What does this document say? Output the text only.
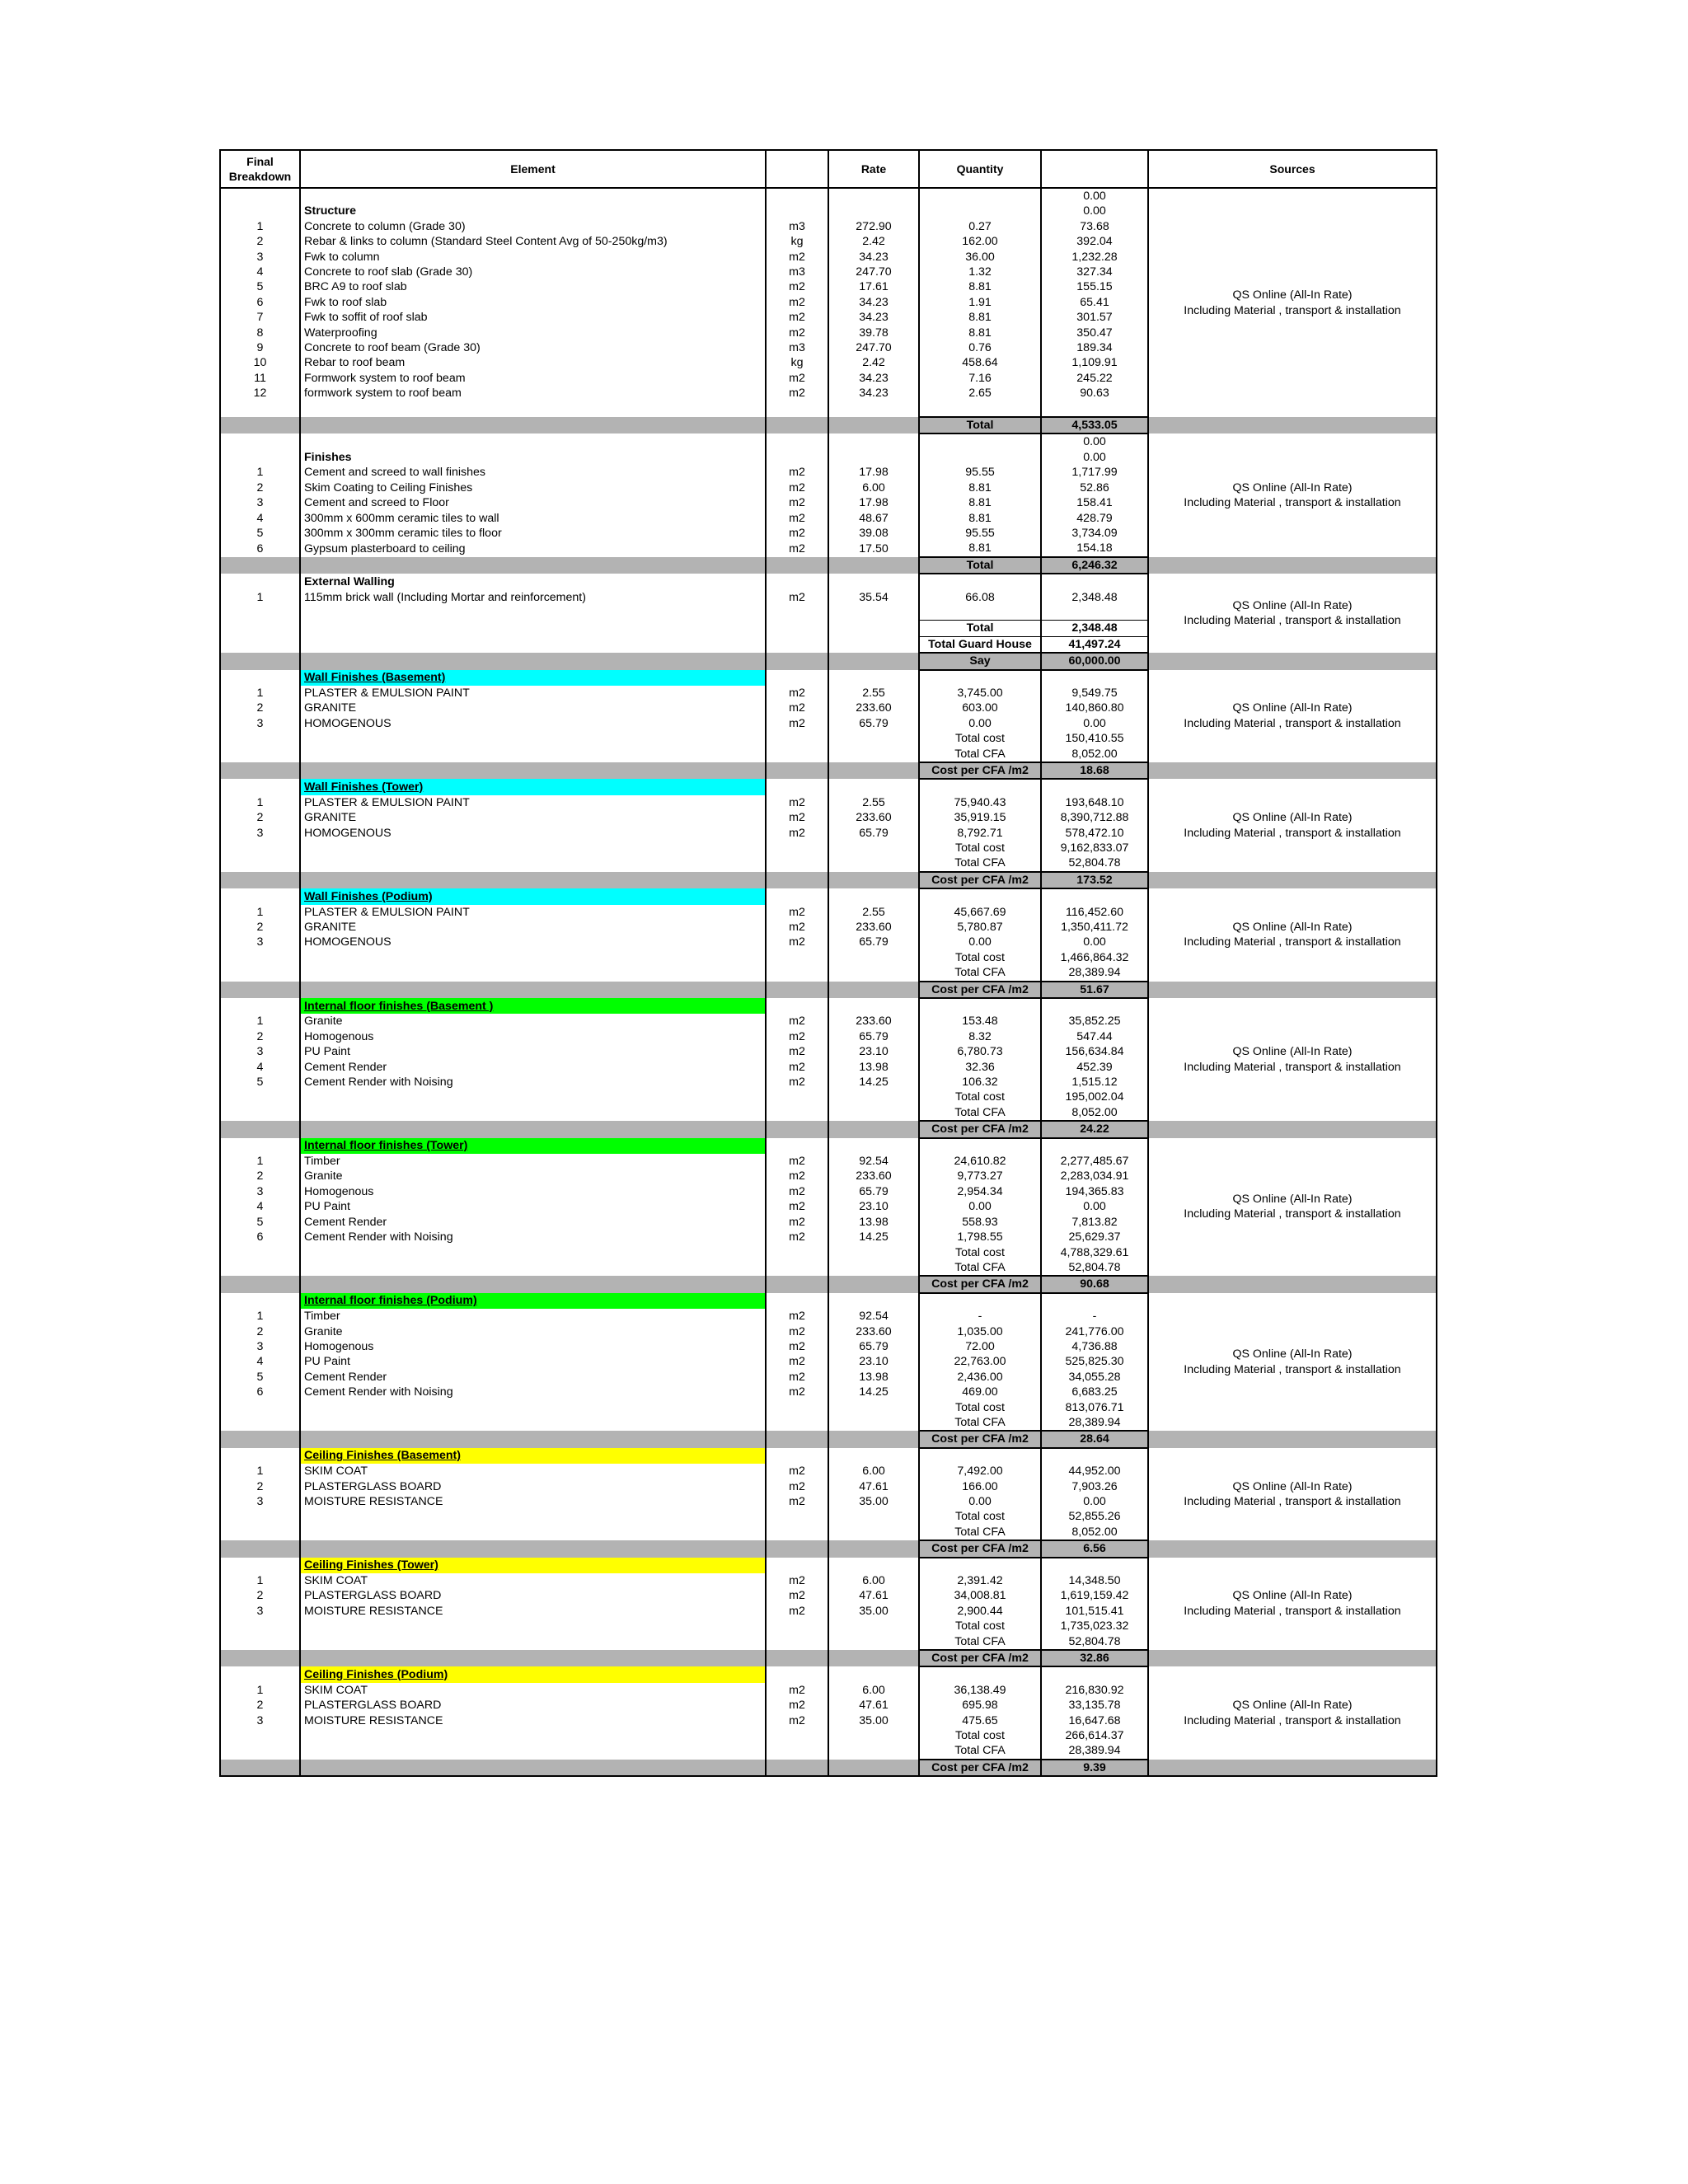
Final Breakdown	Element		Rate	Quantity		Sources
					0.00	QS Online (All-In Rate)
Including Material , transport & installation

	Structure				0.00	
1	Concrete to column (Grade 30)	m3	272.90	0.27	73.68	
2	Rebar & links to column (Standard Steel Content Avg of 50-250kg/m3)	kg	2.42	162.00	392.04	
3	Fwk to column	m2	34.23	36.00	1,232.28	
4	Concrete to roof slab (Grade 30)	m3	247.70	1.32	327.34	
5	BRC A9 to roof slab	m2	17.61	8.81	155.15	
6	Fwk to roof slab	m2	34.23	1.91	65.41	
7	Fwk to soffit of roof slab	m2	34.23	8.81	301.57	
8	Waterproofing	m2	39.78	8.81	350.47	
9	Concrete to roof beam (Grade 30)	m3	247.70	0.76	189.34	
10	Rebar to roof beam	kg	2.42	458.64	1,109.91	
11	Formwork system to roof beam	m2	34.23	7.16	245.22	
12	formwork system to roof beam	m2	34.23	2.65	90.63	

				Total	4,533.05	
					0.00	QS Online (All-In Rate)
Including Material , transport & installation

	Finishes				0.00	
1	Cement and screed to wall finishes	m2	17.98	95.55	1,717.99	
2	Skim Coating to Ceiling Finishes	m2	6.00	8.81	52.86	
3	Cement and screed to Floor	m2	17.98	8.81	158.41	
4	300mm x 600mm ceramic tiles to wall	m2	48.67	8.81	428.79	
5	300mm x 300mm ceramic tiles to floor	m2	39.08	95.55	3,734.09	
6	Gypsum plasterboard to ceiling	m2	17.50	8.81	154.18	
				Total	6,246.32	
	External Walling					QS Online (All-In Rate)
Including Material , transport & installation

1	115mm brick wall (Including Mortar and reinforcement)	m2	35.54	66.08	2,348.48	

				Total	2,348.48	
				Total Guard House	41,497.24	
				Say	60,000.00	
	Wall Finishes (Basement)					QS Online (All-In Rate)
Including Material , transport & installation

1	PLASTER & EMULSION PAINT	m2	2.55	3,745.00	9,549.75	
2	GRANITE	m2	233.60	603.00	140,860.80	
3	HOMOGENOUS	m2	65.79	0.00	0.00	
				Total cost	150,410.55	
				Total CFA	8,052.00	
				Cost per CFA /m2	18.68	
	Wall Finishes (Tower)					QS Online (All-In Rate)
Including Material , transport & installation

1	PLASTER & EMULSION PAINT	m2	2.55	75,940.43	193,648.10	
2	GRANITE	m2	233.60	35,919.15	8,390,712.88	
3	HOMOGENOUS	m2	65.79	8,792.71	578,472.10	
				Total cost	9,162,833.07	
				Total CFA	52,804.78	
				Cost per CFA /m2	173.52	
	Wall Finishes (Podium)					QS Online (All-In Rate)
Including Material , transport & installation

1	PLASTER & EMULSION PAINT	m2	2.55	45,667.69	116,452.60	
2	GRANITE	m2	233.60	5,780.87	1,350,411.72	
3	HOMOGENOUS	m2	65.79	0.00	0.00	
				Total cost	1,466,864.32	
				Total CFA	28,389.94	
				Cost per CFA /m2	51.67	
	Internal floor finishes (Basement )					QS Online (All-In Rate)
Including Material , transport & installation

1	Granite	m2	233.60	153.48	35,852.25	
2	Homogenous	m2	65.79	8.32	547.44	
3	PU Paint	m2	23.10	6,780.73	156,634.84	
4	Cement Render	m2	13.98	32.36	452.39	
5	Cement Render with Noising	m2	14.25	106.32	1,515.12	
				Total cost	195,002.04	
				Total CFA	8,052.00	
				Cost per CFA /m2	24.22	
	Internal floor finishes (Tower)					QS Online (All-In Rate)
Including Material , transport & installation

1	Timber	m2	92.54	24,610.82	2,277,485.67	
2	Granite	m2	233.60	9,773.27	2,283,034.91	
3	Homogenous	m2	65.79	2,954.34	194,365.83	
4	PU Paint	m2	23.10	0.00	0.00	
5	Cement Render	m2	13.98	558.93	7,813.82	
6	Cement Render with Noising	m2	14.25	1,798.55	25,629.37	
				Total cost	4,788,329.61	
				Total CFA	52,804.78	
				Cost per CFA /m2	90.68	
	Internal floor finishes (Podium)					QS Online (All-In Rate)
Including Material , transport & installation

1	Timber	m2	92.54	-	-	
2	Granite	m2	233.60	1,035.00	241,776.00	
3	Homogenous	m2	65.79	72.00	4,736.88	
4	PU Paint	m2	23.10	22,763.00	525,825.30	
5	Cement Render	m2	13.98	2,436.00	34,055.28	
6	Cement Render with Noising	m2	14.25	469.00	6,683.25	
				Total cost	813,076.71	
				Total CFA	28,389.94	
				Cost per CFA /m2	28.64	
	Ceiling Finishes (Basement)					QS Online (All-In Rate)
Including Material , transport & installation

1	SKIM COAT	m2	6.00	7,492.00	44,952.00	
2	PLASTERGLASS BOARD	m2	47.61	166.00	7,903.26	
3	MOISTURE RESISTANCE	m2	35.00	0.00	0.00	
				Total cost	52,855.26	
				Total CFA	8,052.00	
				Cost per CFA /m2	6.56	
	Ceiling Finishes (Tower)					QS Online (All-In Rate)
Including Material , transport & installation

1	SKIM COAT	m2	6.00	2,391.42	14,348.50	
2	PLASTERGLASS BOARD	m2	47.61	34,008.81	1,619,159.42	
3	MOISTURE RESISTANCE	m2	35.00	2,900.44	101,515.41	
				Total cost	1,735,023.32	
				Total CFA	52,804.78	
				Cost per CFA /m2	32.86	
	Ceiling Finishes (Podium)					QS Online (All-In Rate)
Including Material , transport & installation

1	SKIM COAT	m2	6.00	36,138.49	216,830.92	
2	PLASTERGLASS BOARD	m2	47.61	695.98	33,135.78	
3	MOISTURE RESISTANCE	m2	35.00	475.65	16,647.68	
				Total cost	266,614.37	
				Total CFA	28,389.94	
				Cost per CFA /m2	9.39	
